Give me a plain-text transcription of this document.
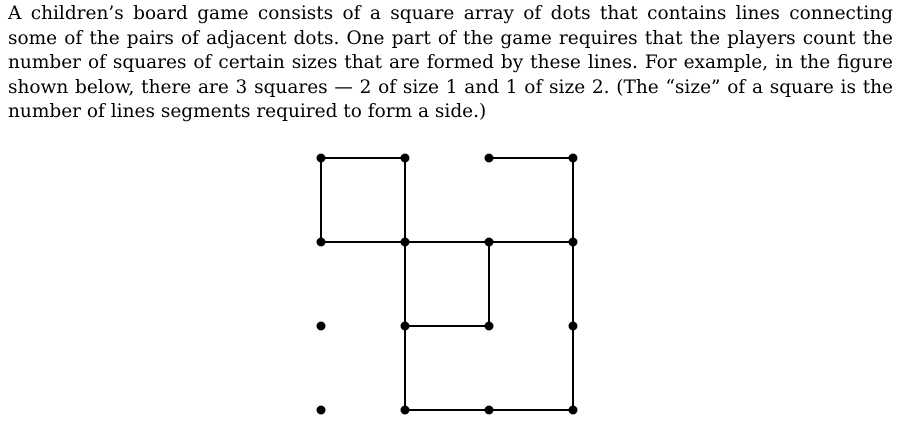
A children’s board game consists of a square array of dots that contains lines connecting some of the pairs of adjacent dots. One part of the game requires that the players count the number of squares of certain sizes that are formed by these lines. For example, in the figure shown below, there are 3 squares — 2 of size 1 and 1 of size 2. (The “size” of a square is the number of lines segments required to form a side.)
